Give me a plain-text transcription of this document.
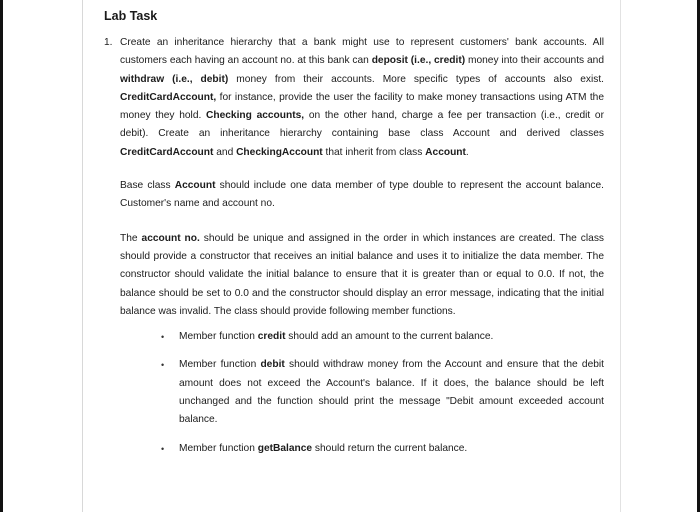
Lab Task
1. Create an inheritance hierarchy that a bank might use to represent customers' bank accounts. All customers each having an account no. at this bank can deposit (i.e., credit) money into their accounts and withdraw (i.e., debit) money from their accounts. More specific types of accounts also exist. CreditCardAccount, for instance, provide the user the facility to make money transactions using ATM the money they hold. Checking accounts, on the other hand, charge a fee per transaction (i.e., credit or debit). Create an inheritance hierarchy containing base class Account and derived classes CreditCardAccount and CheckingAccount that inherit from class Account.
Base class Account should include one data member of type double to represent the account balance. Customer's name and account no.
The account no. should be unique and assigned in the order in which instances are created. The class should provide a constructor that receives an initial balance and uses it to initialize the data member. The constructor should validate the initial balance to ensure that it is greater than or equal to 0.0. If not, the balance should be set to 0.0 and the constructor should display an error message, indicating that the initial balance was invalid. The class should provide following member functions.
• Member function credit should add an amount to the current balance.
• Member function debit should withdraw money from the Account and ensure that the debit amount does not exceed the Account's balance. If it does, the balance should be left unchanged and the function should print the message "Debit amount exceeded account balance.
• Member function getBalance should return the current balance.
